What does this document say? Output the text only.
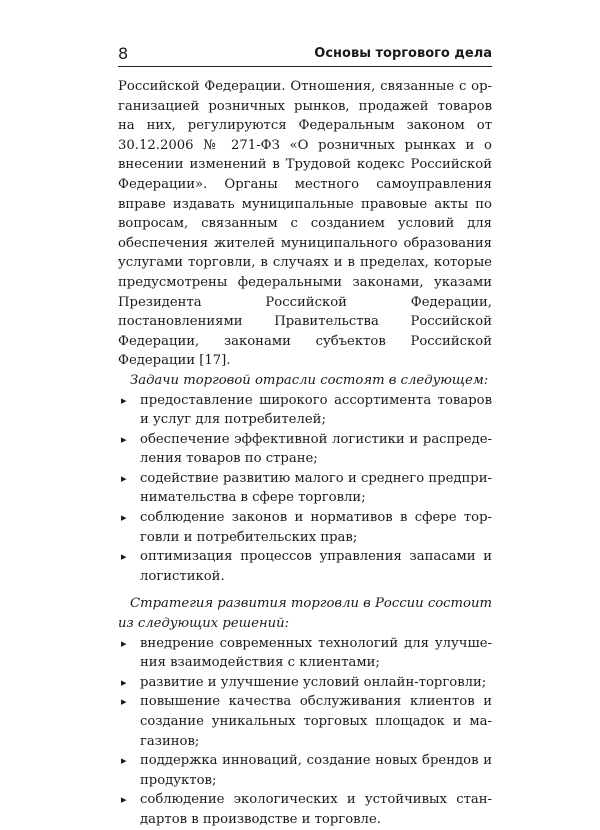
8	Основы торгового дела

Российской Федерации. Отношения, связанные с организацией розничных рынков, продажей товаров на них, регулируются Федеральным законом от 30.12.2006 № 271-ФЗ «О розничных рынках и о внесении изменений в Трудовой кодекс Российской Федерации». Органы местного самоуправления вправе издавать муниципальные правовые акты по вопросам, связанным с созданием условий для обеспечения жителей муниципального образования услугами торговли, в случаях и в пределах, которые предусмотрены федеральными законами, указами Президента Российской Федерации, постановлениями Правительства Российской Федерации, законами субъектов Российской Федерации [17].

Задачи торговой отрасли состоят в следующем:

▸ предоставление широкого ассортимента товаров и услуг для потребителей;
▸ обеспечение эффективной логистики и распределения товаров по стране;
▸ содействие развитию малого и среднего предпринимательства в сфере торговли;
▸ соблюдение законов и нормативов в сфере торговли и потребительских прав;
▸ оптимизация процессов управления запасами и логистикой.

Стратегия развития торговли в России состоит из следующих решений:

▸ внедрение современных технологий для улучшения взаимодействия с клиентами;
▸ развитие и улучшение условий онлайн-торговли;
▸ повышение качества обслуживания клиентов и создание уникальных торговых площадок и магазинов;
▸ поддержка инноваций, создание новых брендов и продуктов;
▸ соблюдение экологических и устойчивых стандартов в производстве и торговле.
